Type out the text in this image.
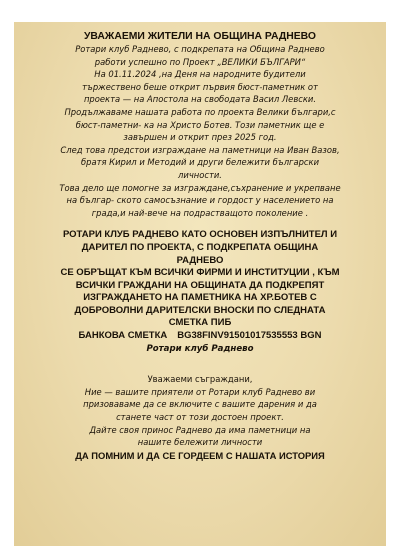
УВАЖАЕМИ ЖИТЕЛИ НА ОБЩИНА РАДНЕВО

Ротари клуб Раднево, с подкрепата на Община Раднево
работи успешно по Проект „ВЕЛИКИ БЪЛГАРИ“
На 01.11.2024 ,на Деня на народните будители
тържествено беше открит първия бюст-паметник от
проекта — на Апостола на свободата Васил Левски.
Продължаваме нашата работа по проекта Велики българи,с
бюст-паметни- ка на Христо Ботев. Този паметник ще е
завършен и открит през 2025 год.
След това предстои изграждане на паметници на Иван Вазов,
братя Кирил и Методий и други бележити български
личности.
Това дело ще помогне за изграждане,съхранение и укрепване
на българ- ското самосъзнание и гордост у населението на
града,и най-вече на подрастващото поколение .
РОТАРИ КЛУБ РАДНЕВО КАТО ОСНОВЕН ИЗПЪЛНИТЕЛ И
ДАРИТЕЛ ПО ПРОЕКТА, С ПОДКРЕПАТА ОБЩИНА
РАДНЕВО
СЕ ОБРЪЩАТ КЪМ ВСИЧКИ ФИРМИ И ИНСТИТУЦИИ , КЪМ
ВСИЧКИ ГРАЖДАНИ НА ОБЩИНАТА ДА ПОДКРЕПЯТ
ИЗГРАЖДАНЕТО НА ПАМЕТНИКА НА ХР.БОТЕВ С
ДОБРОВОЛНИ ДАРИТЕЛСКИ ВНОСКИ ПО СЛЕДНАТА
СМЕТКА ПИБ

БАНКОВА СМЕТКА BG38FINV91501017535553 BGN

Ротари клуб Раднево

Уважаеми съграждани,

Ние — вашите приятели от Ротари клуб Раднево ви
призоваваме да се включите с вашите дарения и да
станете част от този достоен проект.
Дайте своя принос Раднево да има паметници на
нашите бележити личности

ДА ПОМНИМ И ДА СЕ ГОРДЕЕМ С НАШАТА ИСТОРИЯ
